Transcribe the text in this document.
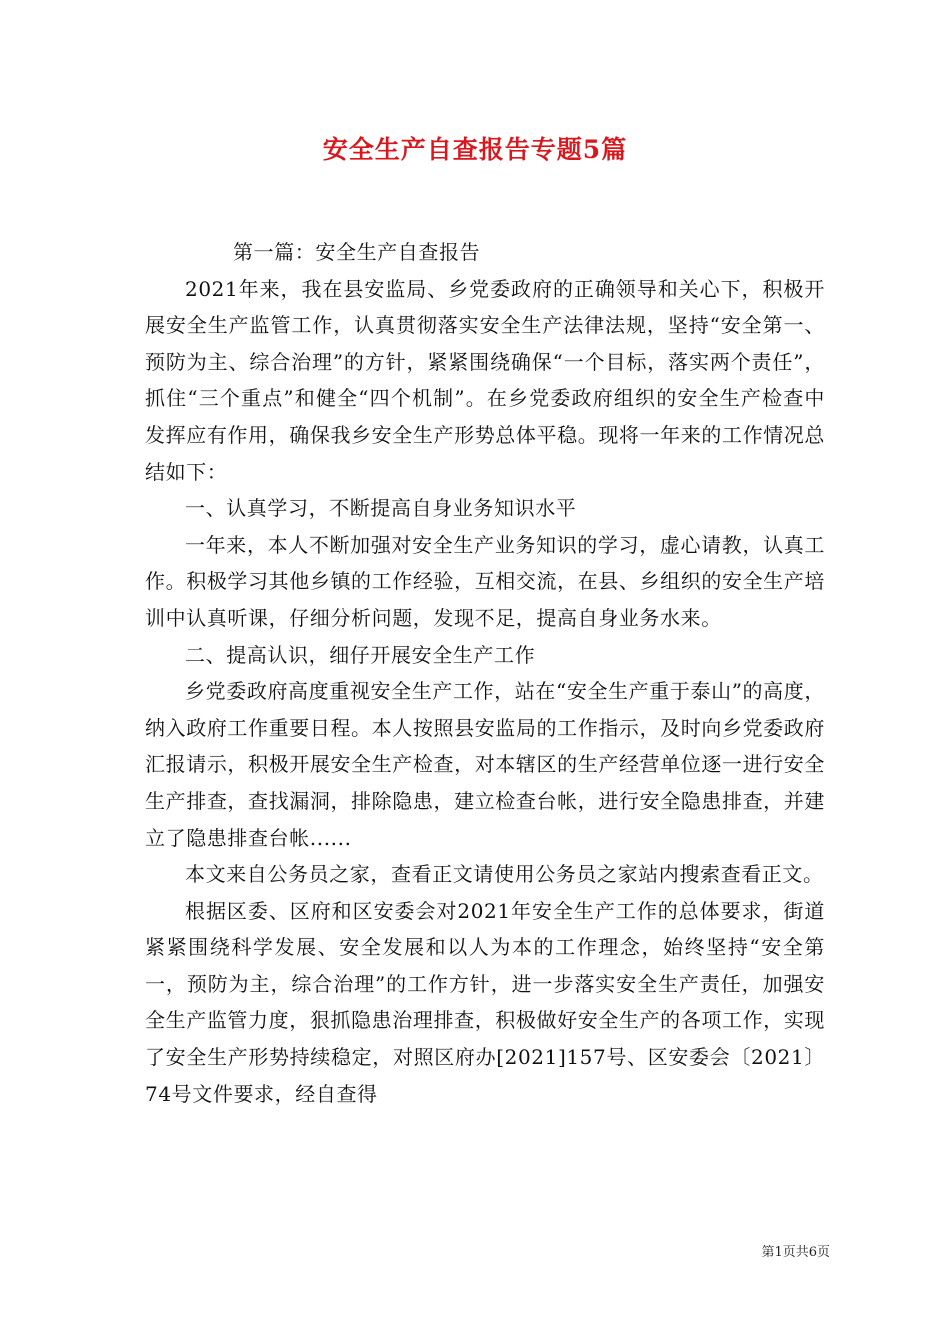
安全生产自查报告专题5篇

第一篇：安全生产自查报告

2021年来，我在县安监局、乡党委政府的正确领导和关心下，积极开展安全生产监管工作，认真贯彻落实安全生产法律法规，坚持“安全第一、预防为主、综合治理”的方针，紧紧围绕确保“一个目标，落实两个责任”，抓住“三个重点”和健全“四个机制”。在乡党委政府组织的安全生产检查中发挥应有作用，确保我乡安全生产形势总体平稳。现将一年来的工作情况总结如下：

一、认真学习，不断提高自身业务知识水平

一年来，本人不断加强对安全生产业务知识的学习，虚心请教，认真工作。积极学习其他乡镇的工作经验，互相交流，在县、乡组织的安全生产培训中认真听课，仔细分析问题，发现不足，提高自身业务水来。

二、提高认识，细仔开展安全生产工作

乡党委政府高度重视安全生产工作，站在“安全生产重于泰山”的高度，纳入政府工作重要日程。本人按照县安监局的工作指示，及时向乡党委政府汇报请示，积极开展安全生产检查，对本辖区的生产经营单位逐一进行安全生产排查，查找漏洞，排除隐患，建立检查台帐，进行安全隐患排查，并建立了隐患排查台帐......

本文来自公务员之家，查看正文请使用公务员之家站内搜索查看正文。

根据区委、区府和区安委会对2021年安全生产工作的总体要求，街道紧紧围绕科学发展、安全发展和以人为本的工作理念，始终坚持“安全第一，预防为主，综合治理”的工作方针，进一步落实安全生产责任，加强安全生产监管力度，狠抓隐患治理排查，积极做好安全生产的各项工作，实现了安全生产形势持续稳定，对照区府办[2021]157号、区安委会〔2021〕74号文件要求，经自查得

第1页共6页
